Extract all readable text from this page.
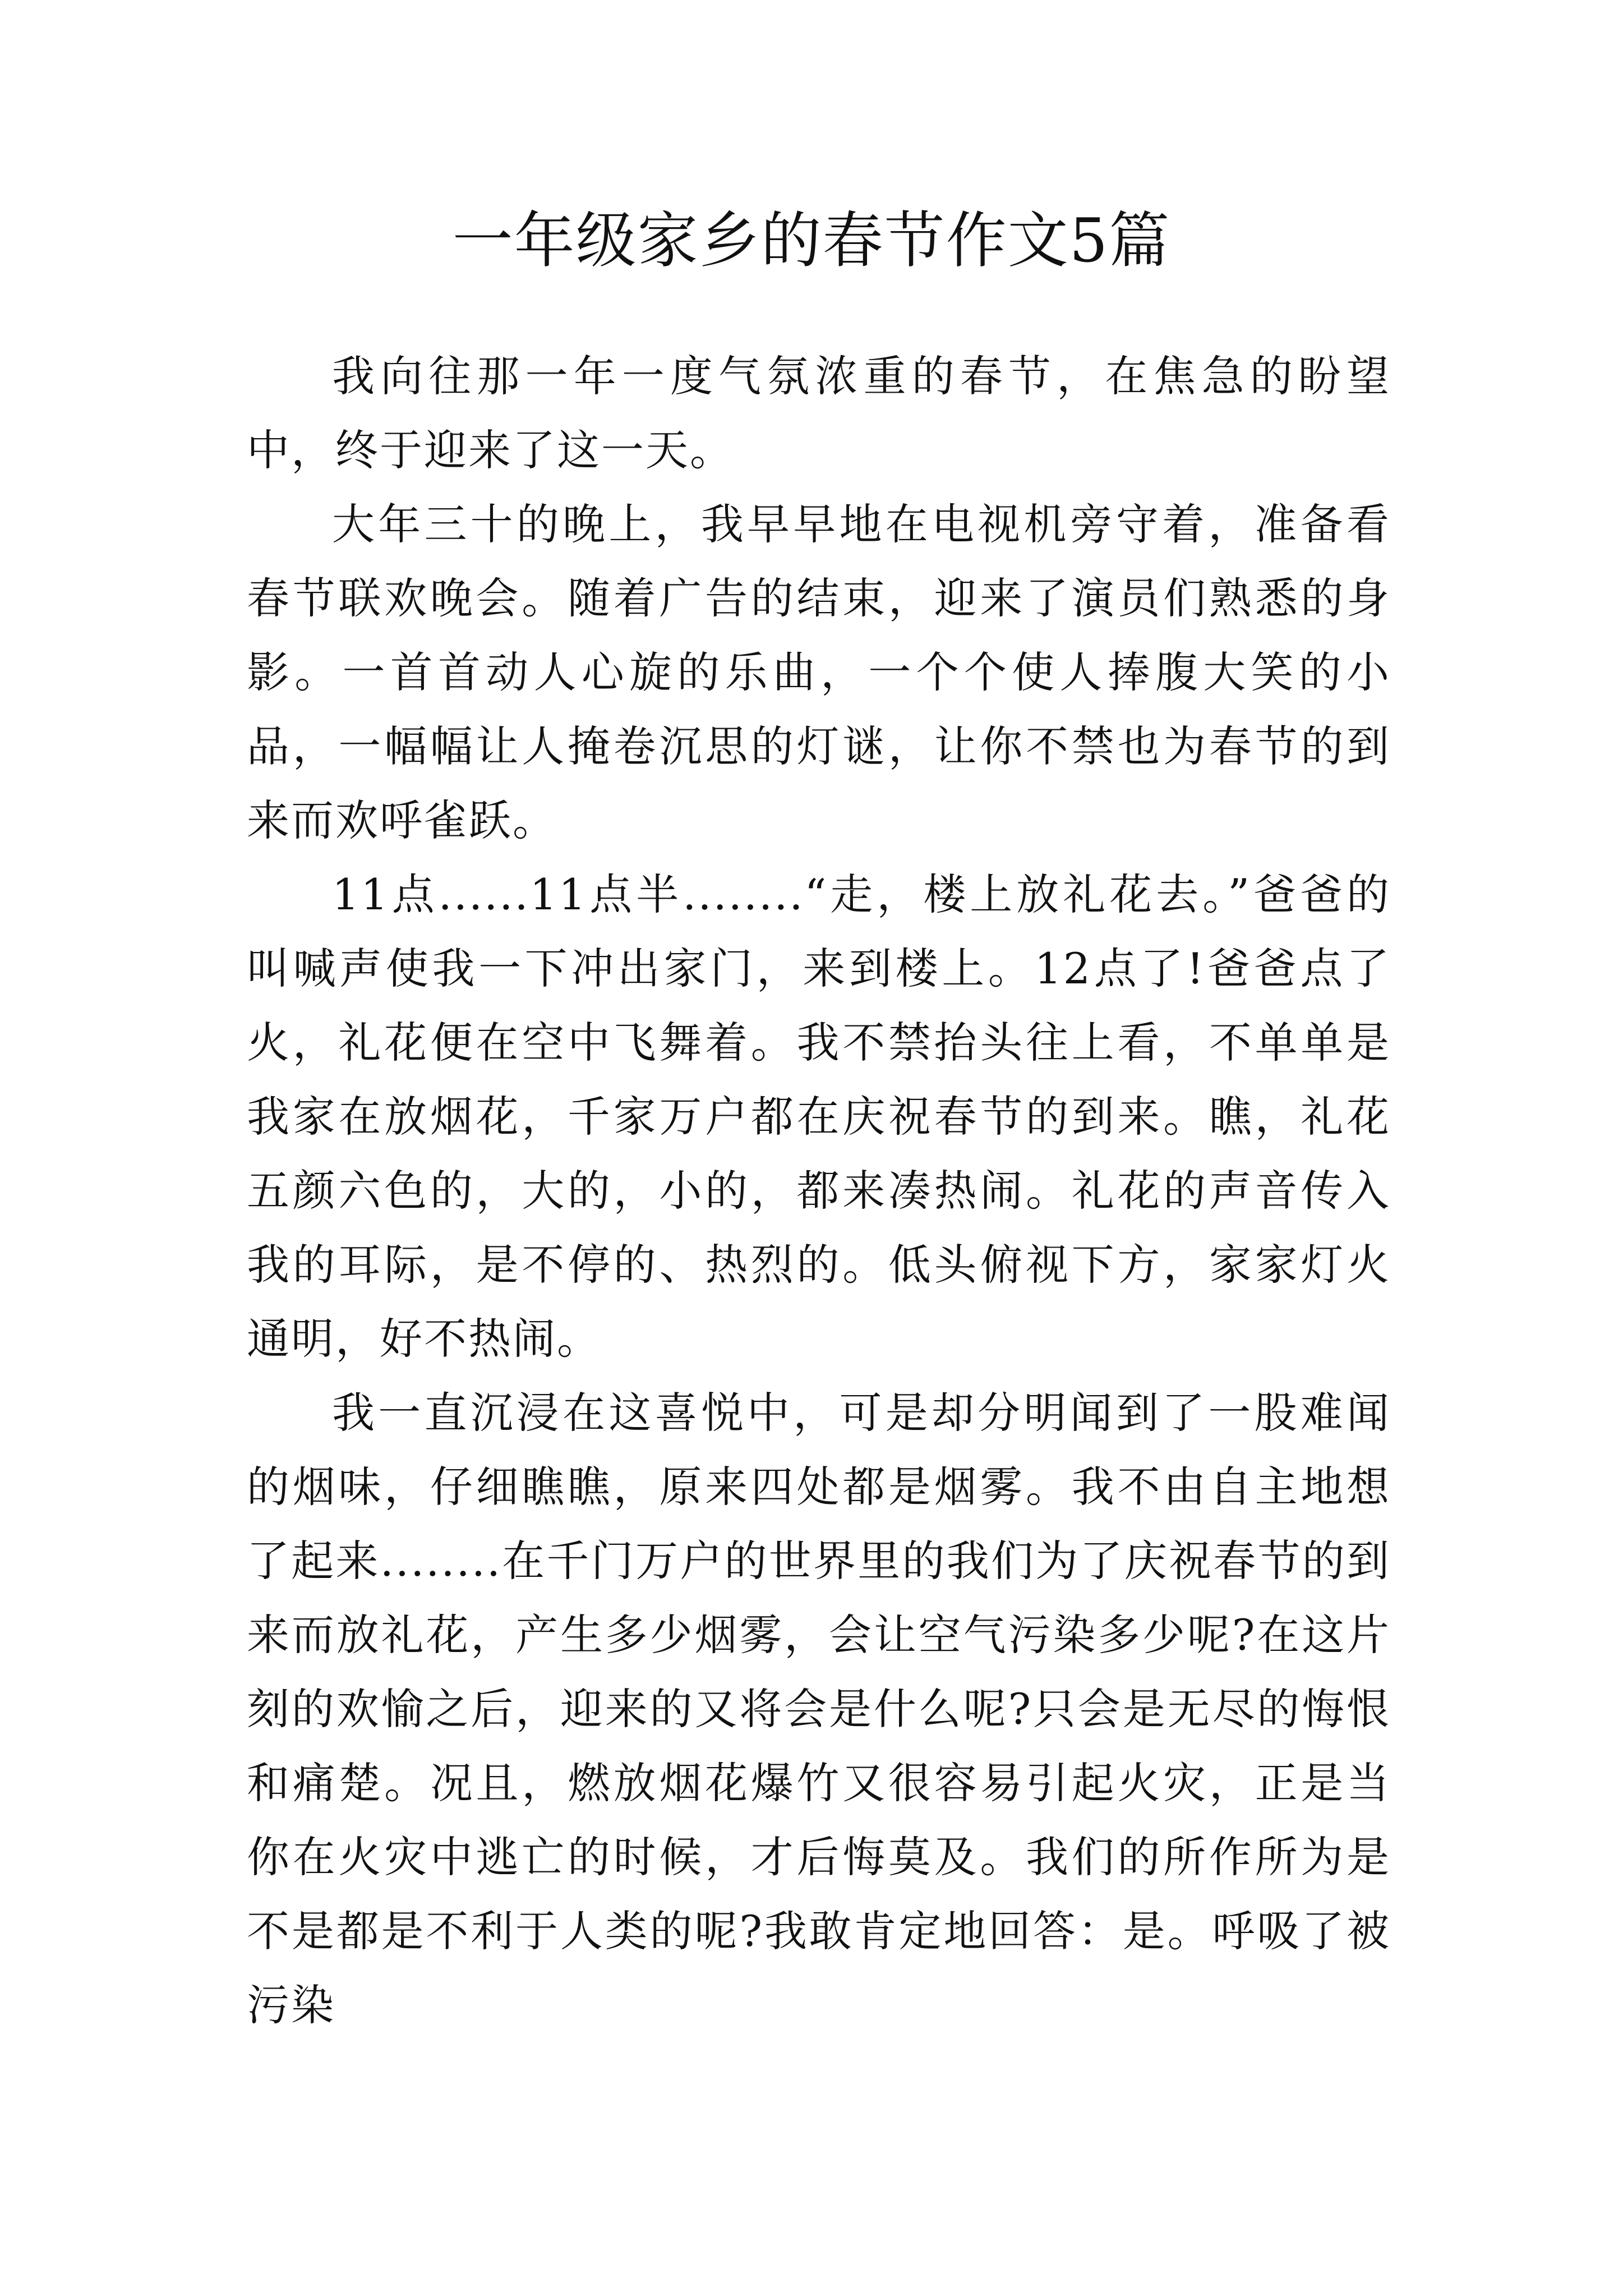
一年级家乡的春节作文5篇

我向往那一年一度气氛浓重的春节，在焦急的盼望中，终于迎来了这一天。

大年三十的晚上，我早早地在电视机旁守着，准备看春节联欢晚会。随着广告的结束，迎来了演员们熟悉的身影。一首首动人心旋的乐曲，一个个使人捧腹大笑的小品，一幅幅让人掩卷沉思的灯谜，让你不禁也为春节的到来而欢呼雀跃。

11点......11点半........“走，楼上放礼花去。”爸爸的叫喊声使我一下冲出家门，来到楼上。12点了!爸爸点了火，礼花便在空中飞舞着。我不禁抬头往上看，不单单是我家在放烟花，千家万户都在庆祝春节的到来。瞧，礼花五颜六色的，大的，小的，都来凑热闹。礼花的声音传入我的耳际，是不停的、热烈的。低头俯视下方，家家灯火通明，好不热闹。

我一直沉浸在这喜悦中，可是却分明闻到了一股难闻的烟味，仔细瞧瞧，原来四处都是烟雾。我不由自主地想了起来........在千门万户的世界里的我们为了庆祝春节的到来而放礼花，产生多少烟雾，会让空气污染多少呢?在这片刻的欢愉之后，迎来的又将会是什么呢?只会是无尽的悔恨和痛楚。况且，燃放烟花爆竹又很容易引起火灾，正是当你在火灾中逃亡的时候，才后悔莫及。我们的所作所为是不是都是不利于人类的呢?我敢肯定地回答：是。呼吸了被污染
